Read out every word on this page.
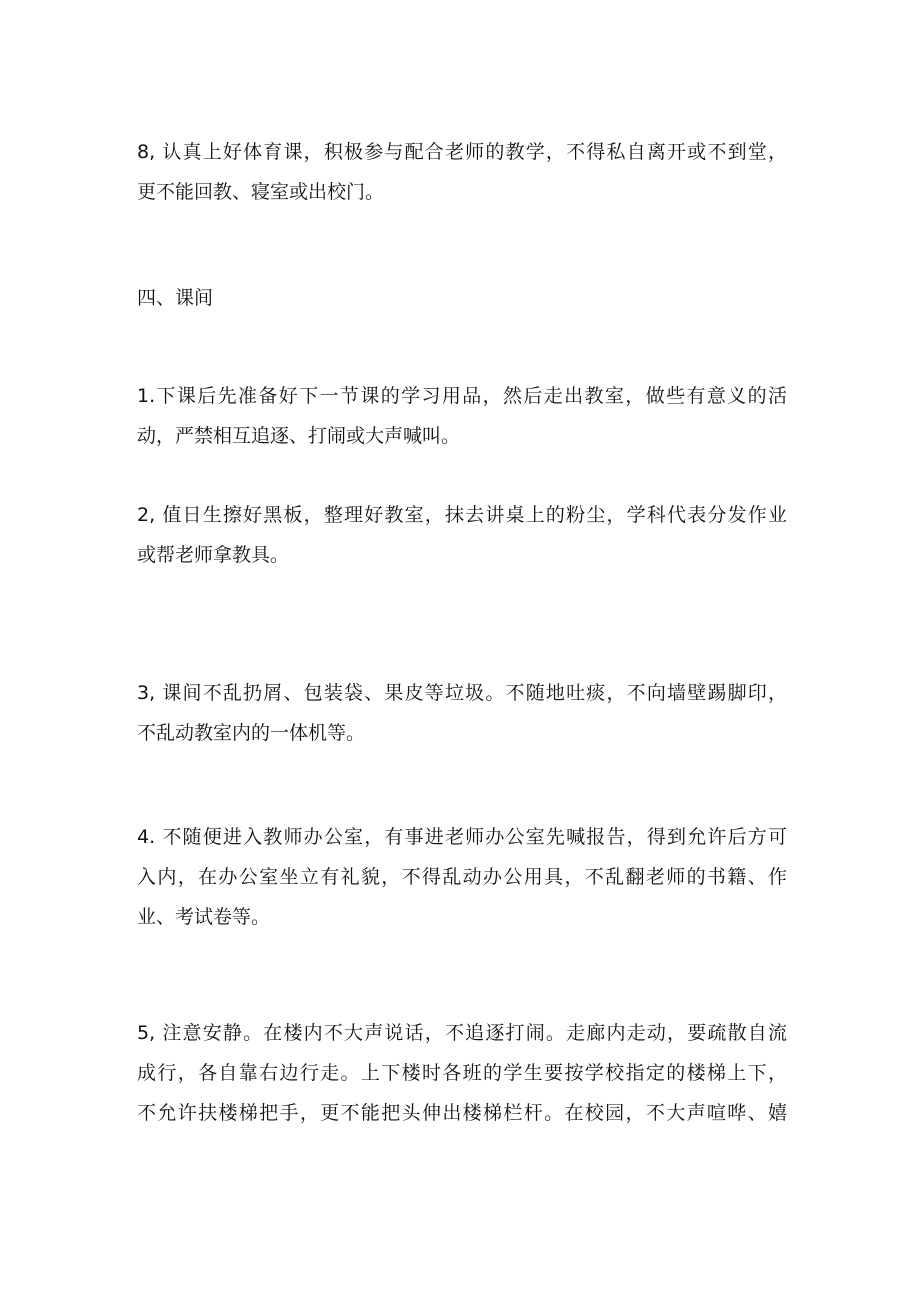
8, 认真上好体育课，积极参与配合老师的教学，不得私自离开或不到堂，
更不能回教、寝室或出校门。
四、课间
1.下课后先准备好下一节课的学习用品，然后走出教室，做些有意义的活
动，严禁相互追逐、打闹或大声喊叫。
2, 值日生擦好黑板，整理好教室，抹去讲桌上的粉尘，学科代表分发作业
或帮老师拿教具。
3, 课间不乱扔屑、包装袋、果皮等垃圾。不随地吐痰，不向墙壁踢脚印，
不乱动教室内的一体机等。
4. 不随便进入教师办公室，有事进老师办公室先喊报告，得到允许后方可
入内，在办公室坐立有礼貌，不得乱动办公用具，不乱翻老师的书籍、作
业、考试卷等。
5, 注意安静。在楼内不大声说话，不追逐打闹。走廊内走动，要疏散自流
成行，各自靠右边行走。上下楼时各班的学生要按学校指定的楼梯上下，
不允许扶楼梯把手，更不能把头伸出楼梯栏杆。在校园，不大声喧哗、嬉
